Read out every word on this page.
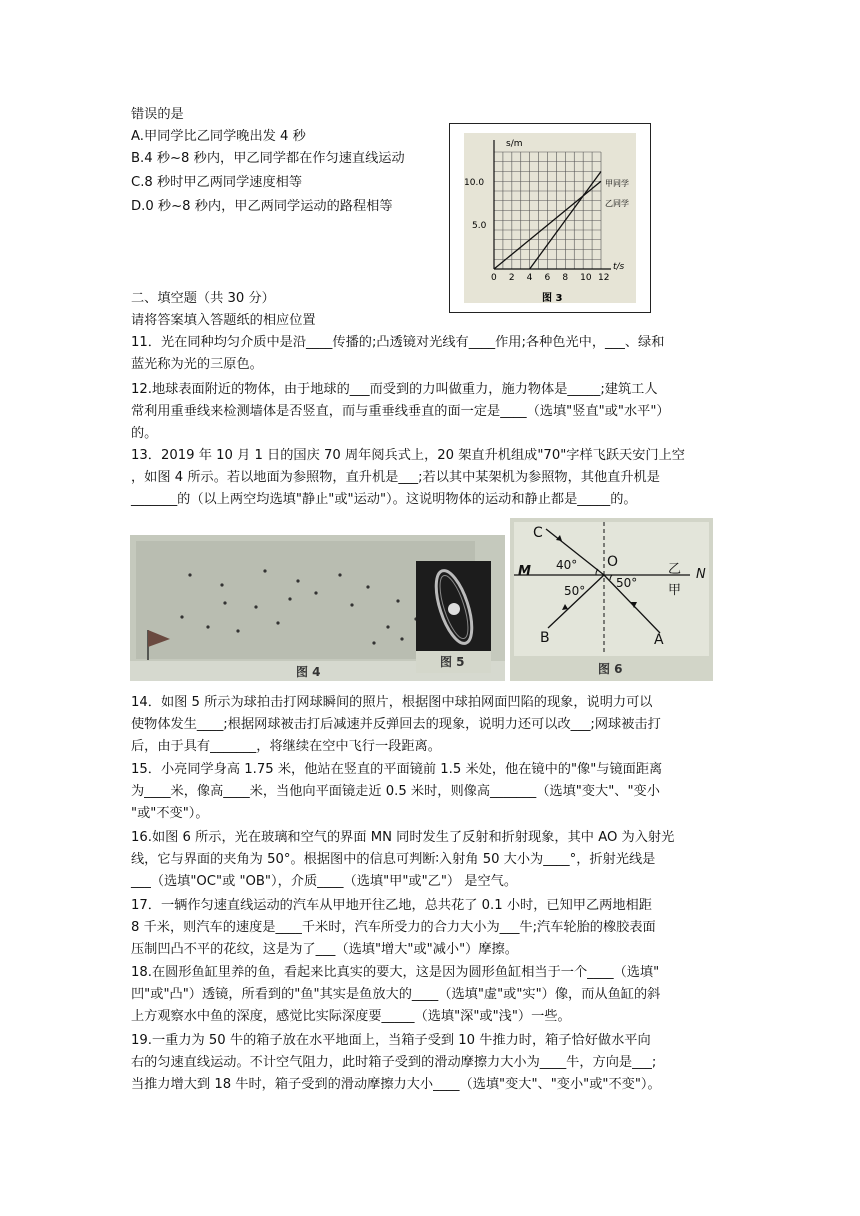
错误的是
A.甲同学比乙同学晚出发 4 秒
B.4 秒~8 秒内，甲乙同学都在作匀速直线运动
C.8 秒时甲乙两同学速度相等
D.0 秒~8 秒内，甲乙两同学运动的路程相等
s/m
t/s
10.0
5.0
甲同学
乙同学
0 2 4 6 8 10 12
图 3
二、填空题（共 30 分）
请将答案填入答题纸的相应位置
11．光在同种均匀介质中是沿____传播的;凸透镜对光线有____作用;各种色光中，___、绿和
蓝光称为光的三原色。
12.地球表面附近的物体，由于地球的___而受到的力叫做重力，施力物体是_____;建筑工人
常利用重垂线来检测墙体是否竖直，而与重垂线垂直的面一定是____（选填"竖直"或"水平"）
的。
13．2019 年 10 月 1 日的国庆 70 周年阅兵式上，20 架直升机组成"70"字样飞跃天安门上空
，如图 4 所示。若以地面为参照物，直升机是___;若以其中某架机为参照物，其他直升机是
_______的（以上两空均选填"静止"或"运动"）。这说明物体的运动和静止都是_____的。
图 4
图 5
C
O
M	N
乙
甲
40°
50°
50°
B	A
图 6
14．如图 5 所示为球拍击打网球瞬间的照片，根据图中球拍网面凹陷的现象，说明力可以
使物体发生____;根据网球被击打后减速并反弹回去的现象，说明力还可以改___;网球被击打
后，由于具有_______，将继续在空中飞行一段距离。
15．小亮同学身高 1.75 米，他站在竖直的平面镜前 1.5 米处，他在镜中的"像"与镜面距离
为____米，像高____米，当他向平面镜走近 0.5 米时，则像高_______（选填"变大"、"变小
"或"不变"）。
16.如图 6 所示，光在玻璃和空气的界面 MN 同时发生了反射和折射现象，其中 AO 为入射光
线，它与界面的夹角为 50°。根据图中的信息可判断∶入射角 50 大小为____°，折射光线是
___（选填"OC"或 "OB"），介质____（选填"甲"或"乙"） 是空气。
17．一辆作匀速直线运动的汽车从甲地开往乙地，总共花了 0.1 小时，已知甲乙两地相距
8 千米，则汽车的速度是____千米时，汽车所受力的合力大小为___牛;汽车轮胎的橡胶表面
压制凹凸不平的花纹，这是为了___（选填"增大"或"减小"）摩擦。
18.在圆形鱼缸里养的鱼，看起来比真实的要大，这是因为圆形鱼缸相当于一个____（选填"
凹"或"凸"）透镜，所看到的"鱼"其实是鱼放大的____（选填"虚"或"实"）像，而从鱼缸的斜
上方观察水中鱼的深度，感觉比实际深度要_____（选填"深"或"浅"）一些。
19.一重力为 50 牛的箱子放在水平地面上，当箱子受到 10 牛推力时，箱子恰好做水平向
右的匀速直线运动。不计空气阻力，此时箱子受到的滑动摩擦力大小为____牛，方向是___;
当推力增大到 18 牛时，箱子受到的滑动摩擦力大小____（选填"变大"、"变小"或"不变"）。
